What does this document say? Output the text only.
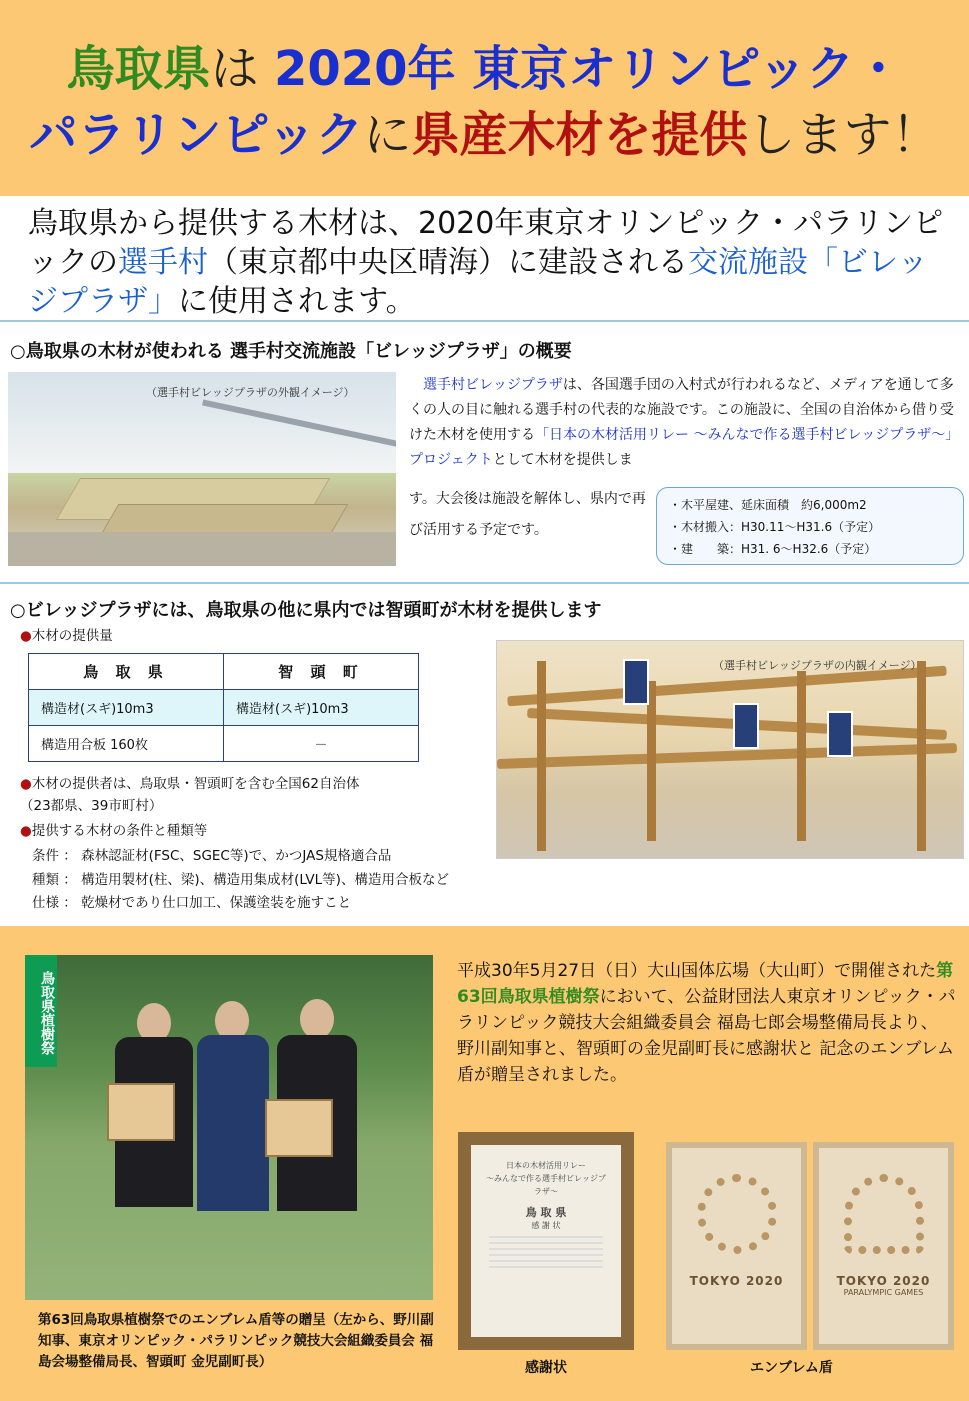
鳥取県は 2020年 東京オリンピック・
パラリンピックに県産木材を提供します！
鳥取県から提供する木材は、2020年東京オリンピック・パラリンピックの選手村（東京都中央区晴海）に建設される交流施設「ビレッジプラザ」に使用されます。
○鳥取県の木材が使われる 選手村交流施設「ビレッジプラザ」の概要
（選手村ビレッジプラザの外観イメージ）
　	選手村ビレッジプラザは、各国選手団の入村式が行われるなど、メディアを通して多くの人の目に触れる選手村の代表的な施設です。この施設に、全国の自治体から借り受けた木材を使用する「日本の木材活用リレー ～みんなで作る選手村ビレッジプラザ～」プロジェクトとして木材を提供しま
す。大会後は施設を解体し、県内で再び活用する予定です。
・木平屋建、延床面積　約6,000m2
・木材搬入：H30.11～H31.6（予定）
・建　　築：H31. 6～H32.6（予定）
○ビレッジプラザには、鳥取県の他に県内では智頭町が木材を提供します
●木材の提供量
鳥 取 県	智 頭 町
構造材(スギ)10m3	構造材(スギ)10m3
構造用合板 160枚	－
●木材の提供者は、鳥取県・智頭町を含む全国62自治体
（23都県、39市町村）
●提供する木材の条件と種類等
条件 ： 森林認証材(FSC、SGEC等)で、かつJAS規格適合品
種類 ： 構造用製材(柱、梁)、構造用集成材(LVL等)、構造用合板など
仕様 ： 乾燥材であり仕口加工、保護塗装を施すこと
（選手村ビレッジプラザの内観イメージ）
鳥取県植樹祭
第63回鳥取県植樹祭でのエンブレム盾等の贈呈（左から、野川副知事、東京オリンピック・パラリンピック競技大会組織委員会 福島会場整備局長、智頭町 金児副町長）
平成30年5月27日（日）大山国体広場（大山町）で開催された第63回鳥取県植樹祭において、公益財団法人東京オリンピック・パラリンピック競技大会組織委員会 福島七郎会場整備局長より、　野川副知事と、智頭町の金児副町長に感謝状と 記念のエンブレム盾が贈呈されました。
日本の木材活用リレー
～みんなで作る選手村ビレッジプラザ～
鳥 取 県
感 謝 状
TOKYO 2020	TOKYO 2020
PARALYMPIC GAMES
感謝状	エンブレム盾
